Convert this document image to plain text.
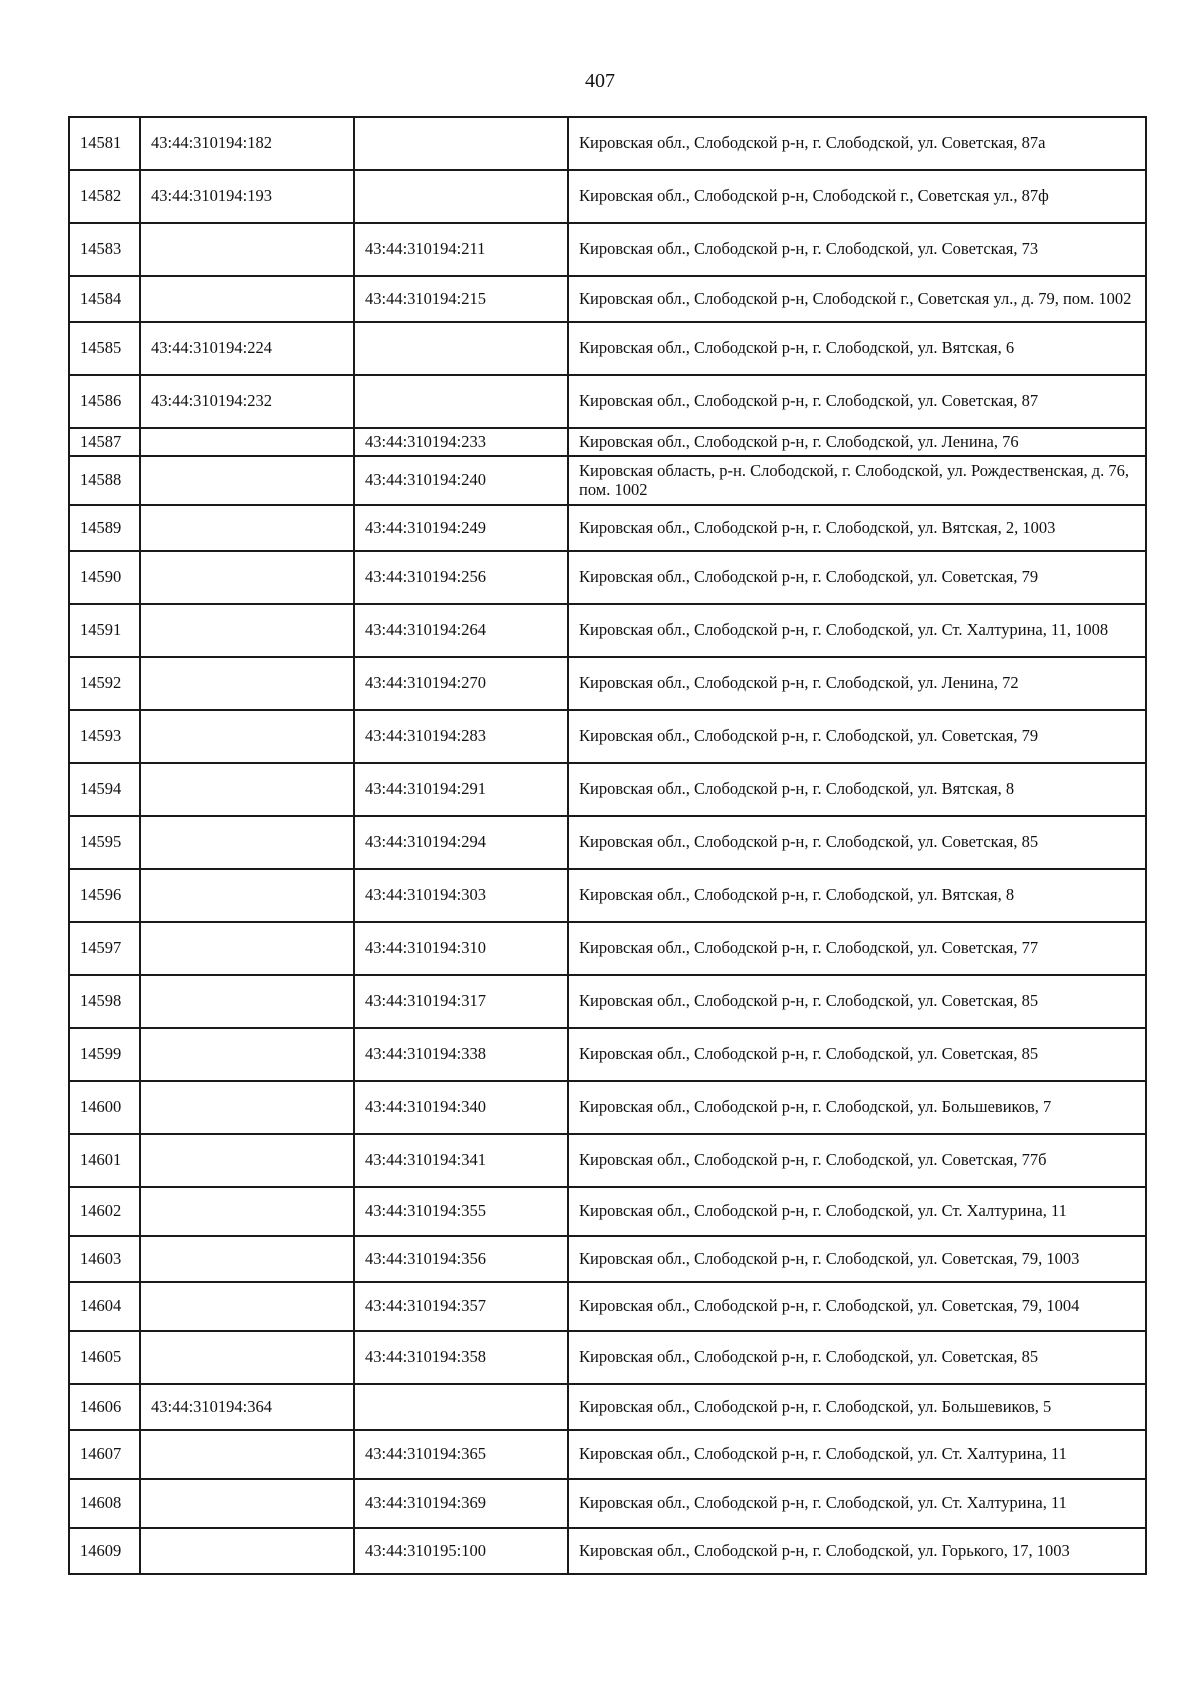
407
14581	43:44:310194:182		Кировская обл., Слободской р-н, г. Слободской, ул. Советская, 87а
14582	43:44:310194:193		Кировская обл., Слободской р-н, Слободской г., Советская ул., 87ф
14583		43:44:310194:211	Кировская обл., Слободской р-н, г. Слободской, ул. Советская, 73
14584		43:44:310194:215	Кировская обл., Слободской р-н, Слободской г., Советская ул., д. 79, пом. 1002
14585	43:44:310194:224		Кировская обл., Слободской р-н, г. Слободской, ул. Вятская, 6
14586	43:44:310194:232		Кировская обл., Слободской р-н, г. Слободской, ул. Советская, 87
14587		43:44:310194:233	Кировская обл., Слободской р-н, г. Слободской, ул. Ленина, 76
14588		43:44:310194:240	Кировская область, р-н. Слободской, г. Слободской, ул. Рождественская, д. 76, пом. 1002
14589		43:44:310194:249	Кировская обл., Слободской р-н, г. Слободской, ул. Вятская, 2, 1003
14590		43:44:310194:256	Кировская обл., Слободской р-н, г. Слободской, ул. Советская, 79
14591		43:44:310194:264	Кировская обл., Слободской р-н, г. Слободской, ул. Ст. Халтурина, 11, 1008
14592		43:44:310194:270	Кировская обл., Слободской р-н, г. Слободской, ул. Ленина, 72
14593		43:44:310194:283	Кировская обл., Слободской р-н, г. Слободской, ул. Советская, 79
14594		43:44:310194:291	Кировская обл., Слободской р-н, г. Слободской, ул. Вятская, 8
14595		43:44:310194:294	Кировская обл., Слободской р-н, г. Слободской, ул. Советская, 85
14596		43:44:310194:303	Кировская обл., Слободской р-н, г. Слободской, ул. Вятская, 8
14597		43:44:310194:310	Кировская обл., Слободской р-н, г. Слободской, ул. Советская, 77
14598		43:44:310194:317	Кировская обл., Слободской р-н, г. Слободской, ул. Советская, 85
14599		43:44:310194:338	Кировская обл., Слободской р-н, г. Слободской, ул. Советская, 85
14600		43:44:310194:340	Кировская обл., Слободской р-н, г. Слободской, ул. Большевиков, 7
14601		43:44:310194:341	Кировская обл., Слободской р-н, г. Слободской, ул. Советская, 77б
14602		43:44:310194:355	Кировская обл., Слободской р-н, г. Слободской, ул. Ст. Халтурина, 11
14603		43:44:310194:356	Кировская обл., Слободской р-н, г. Слободской, ул. Советская, 79, 1003
14604		43:44:310194:357	Кировская обл., Слободской р-н, г. Слободской, ул. Советская, 79, 1004
14605		43:44:310194:358	Кировская обл., Слободской р-н, г. Слободской, ул. Советская, 85
14606	43:44:310194:364		Кировская обл., Слободской р-н, г. Слободской, ул. Большевиков, 5
14607		43:44:310194:365	Кировская обл., Слободской р-н, г. Слободской, ул. Ст. Халтурина, 11
14608		43:44:310194:369	Кировская обл., Слободской р-н, г. Слободской, ул. Ст. Халтурина, 11
14609		43:44:310195:100	Кировская обл., Слободской р-н, г. Слободской, ул. Горького, 17, 1003
